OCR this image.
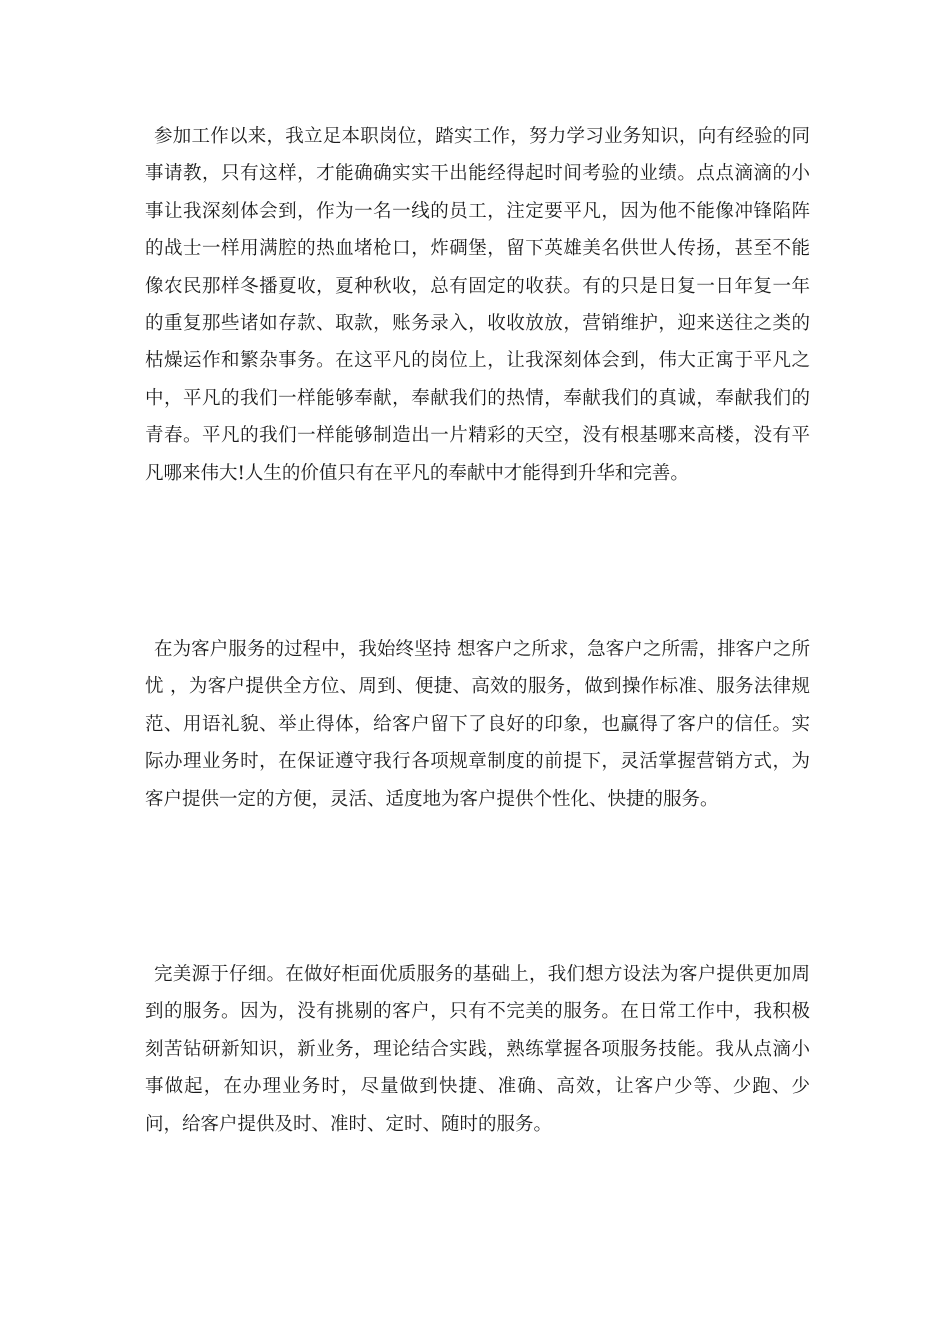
参加工作以来，我立足本职岗位，踏实工作，努力学习业务知识，向有经验的同事请教，只有这样，才能确确实实干出能经得起时间考验的业绩。点点滴滴的小事让我深刻体会到，作为一名一线的员工，注定要平凡，因为他不能像冲锋陷阵的战士一样用满腔的热血堵枪口，炸碉堡，留下英雄美名供世人传扬，甚至不能像农民那样冬播夏收，夏种秋收，总有固定的收获。有的只是日复一日年复一年的重复那些诸如存款、取款，账务录入，收收放放，营销维护，迎来送往之类的枯燥运作和繁杂事务。在这平凡的岗位上，让我深刻体会到，伟大正寓于平凡之中，平凡的我们一样能够奉献，奉献我们的热情，奉献我们的真诚，奉献我们的青春。平凡的我们一样能够制造出一片精彩的天空，没有根基哪来高楼，没有平凡哪来伟大!人生的价值只有在平凡的奉献中才能得到升华和完善。

在为客户服务的过程中，我始终坚持 想客户之所求，急客户之所需，排客户之所忧 ，为客户提供全方位、周到、便捷、高效的服务，做到操作标准、服务法律规范、用语礼貌、举止得体，给客户留下了良好的印象，也赢得了客户的信任。实际办理业务时，在保证遵守我行各项规章制度的前提下，灵活掌握营销方式，为客户提供一定的方便，灵活、适度地为客户提供个性化、快捷的服务。

完美源于仔细。在做好柜面优质服务的基础上，我们想方设法为客户提供更加周到的服务。因为，没有挑剔的客户，只有不完美的服务。在日常工作中，我积极刻苦钻研新知识，新业务，理论结合实践，熟练掌握各项服务技能。我从点滴小事做起，在办理业务时，尽量做到快捷、准确、高效，让客户少等、少跑、少问，给客户提供及时、准时、定时、随时的服务。
